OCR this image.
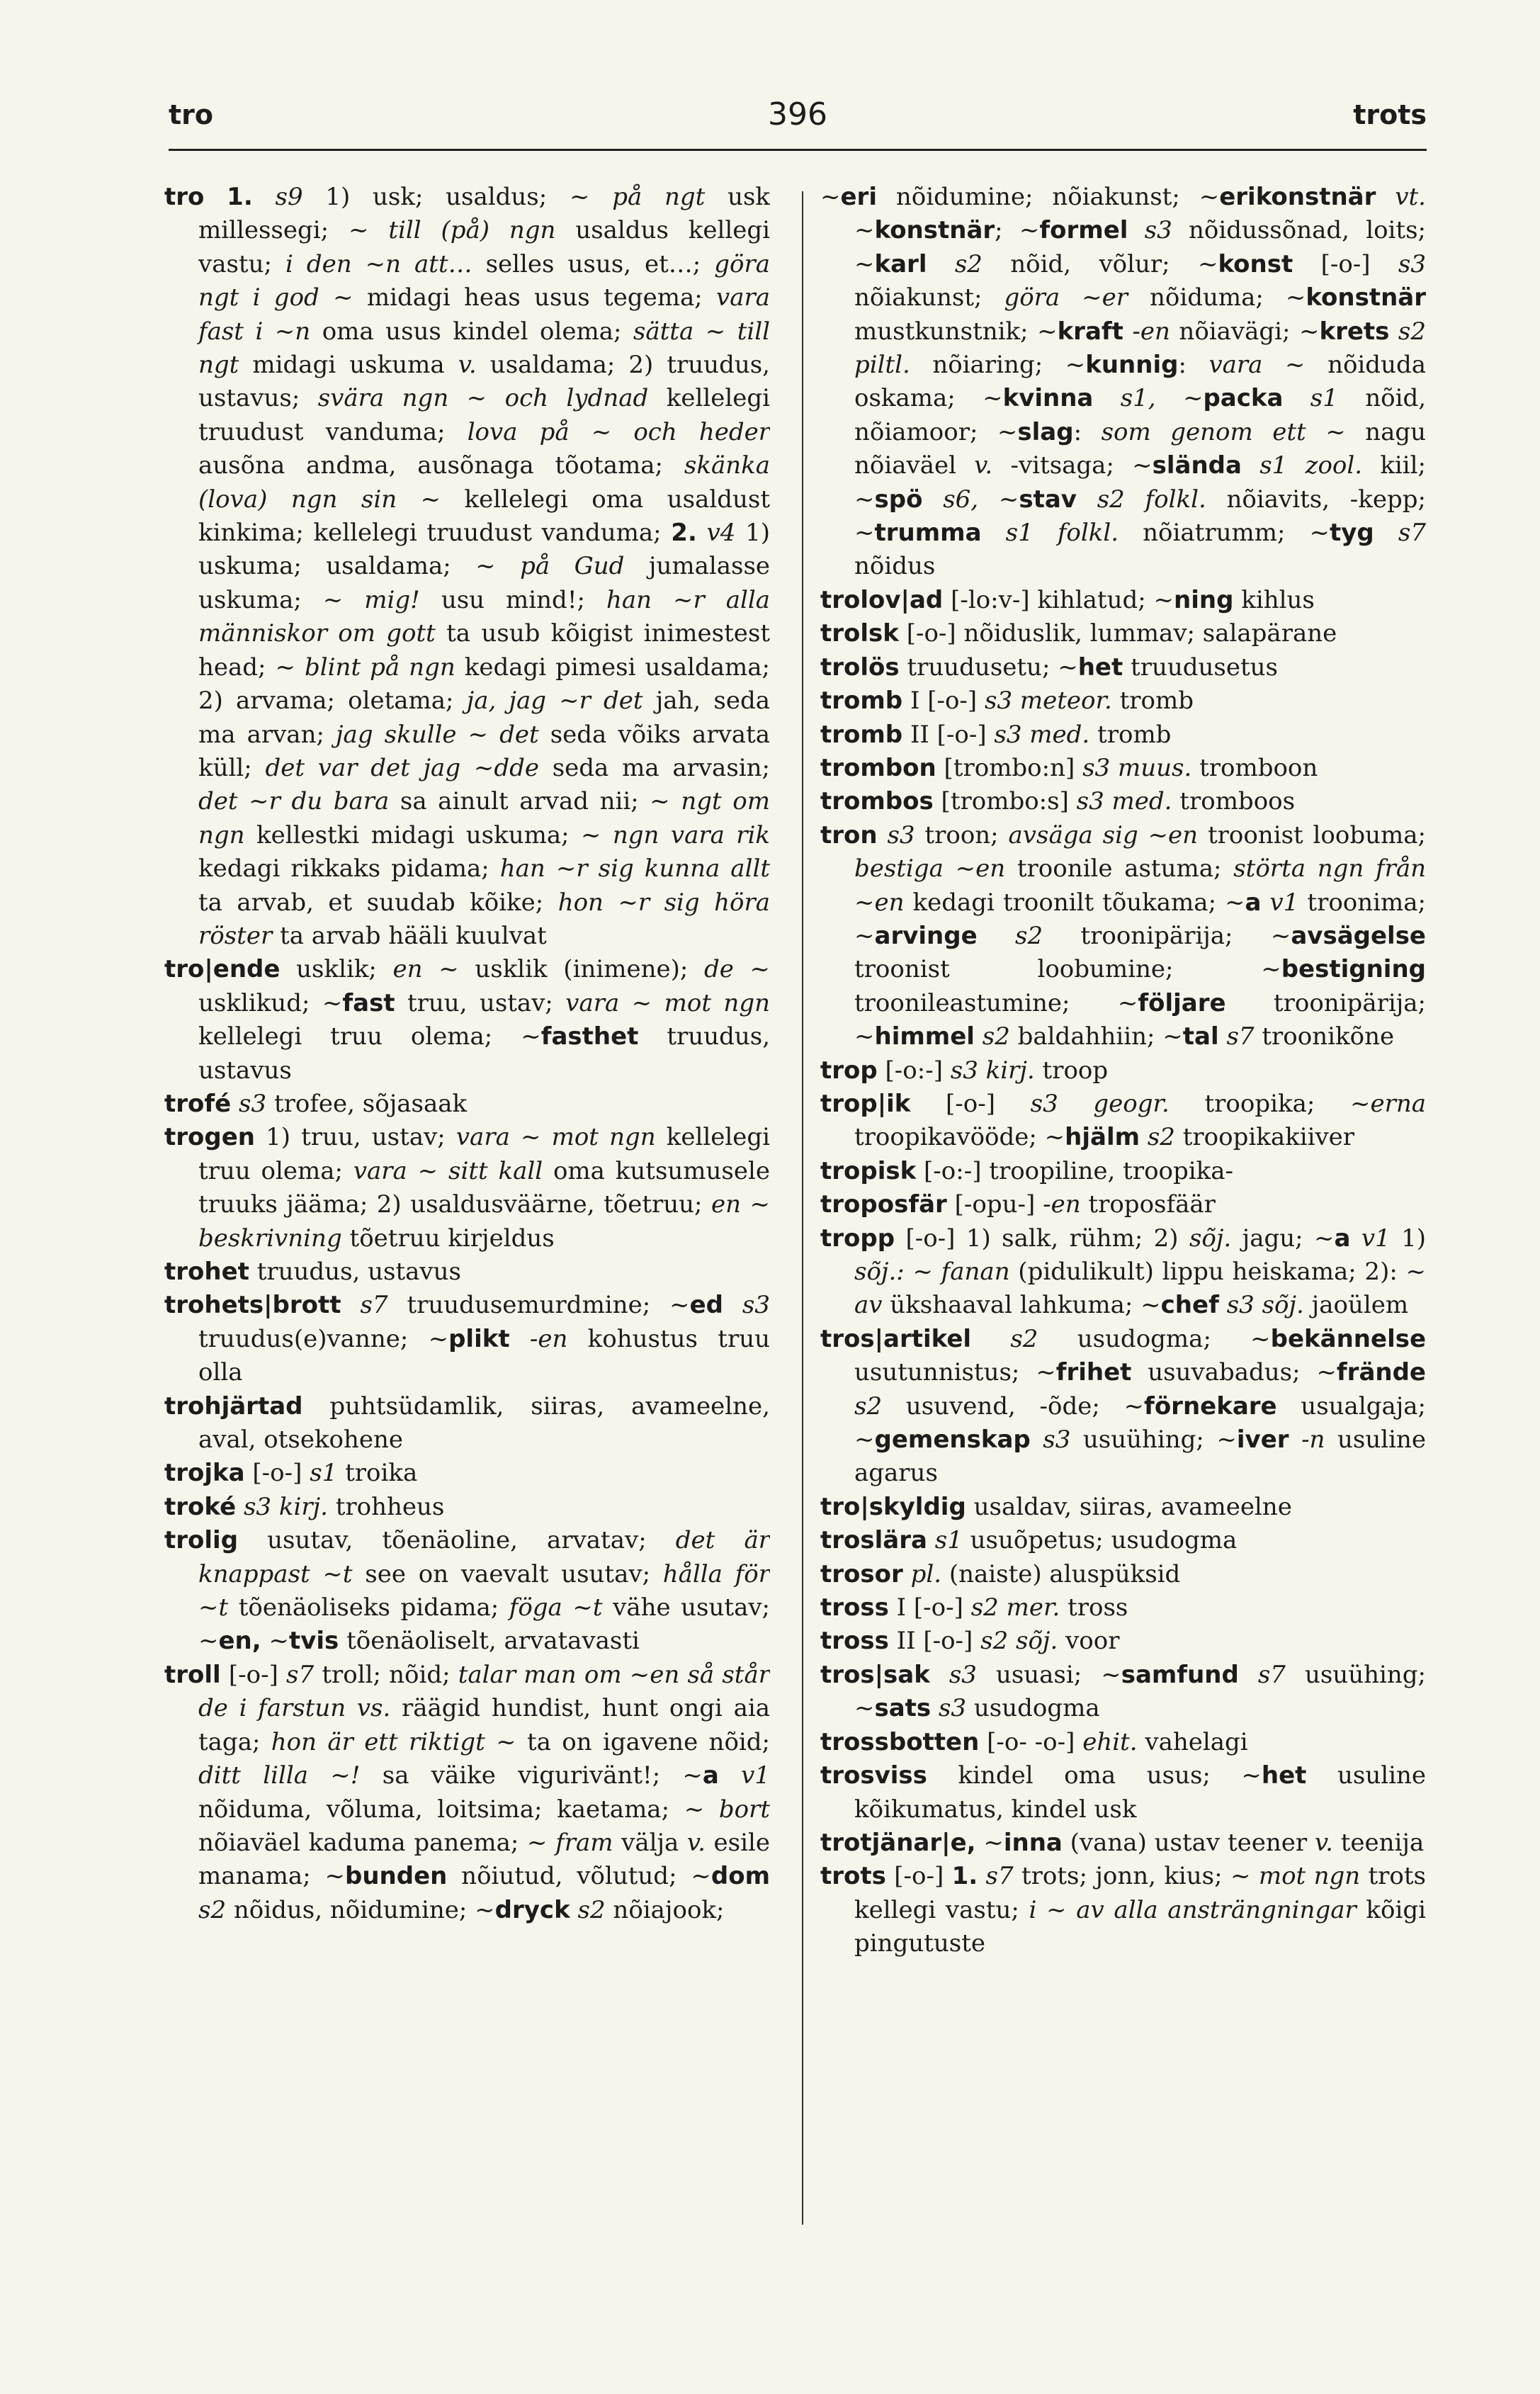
tro	396	trots

tro 1. s9 1) usk; usaldus; ~ på ngt usk millessegi; ~ till (på) ngn usaldus kellegi vastu; i den ~n att… selles usus, et…; göra ngt i god ~ midagi heas usus tegema; vara fast i ~n oma usus kindel olema; sätta ~ till ngt midagi uskuma v. usaldama; 2) truudus, ustavus; svära ngn ~ och lydnad kellelegi truudust vanduma; lova på ~ och heder ausõna andma, ausõnaga tõotama; skänka (lova) ngn sin ~ kellelegi oma usaldust kinkima; kellelegi truudust vanduma; 2. v4 1) uskuma; usaldama; ~ på Gud jumalasse uskuma; ~ mig! usu mind!; han ~r alla människor om gott ta usub kõigist inimestest head; ~ blint på ngn kedagi pimesi usaldama; 2) arvama; oletama; ja, jag ~r det jah, seda ma arvan; jag skulle ~ det seda võiks arvata küll; det var det jag ~dde seda ma arvasin; det ~r du bara sa ainult arvad nii; ~ ngt om ngn kellestki midagi uskuma; ~ ngn vara rik kedagi rikkaks pidama; han ~r sig kunna allt ta arvab, et suudab kõike; hon ~r sig höra röster ta arvab hääli kuulvat

tro|ende usklik; en ~ usklik (inimene); de ~ usklikud; ~fast truu, ustav; vara ~ mot ngn kellelegi truu olema; ~fasthet truudus, ustavus

trofé s3 trofee, sõjasaak

trogen 1) truu, ustav; vara ~ mot ngn kellelegi truu olema; vara ~ sitt kall oma kutsumusele truuks jääma; 2) usaldusväärne, tõetruu; en ~ beskrivning tõetruu kirjeldus

trohet truudus, ustavus

trohets|brott s7 truudusemurdmine; ~ed s3 truudus(e)vanne; ~plikt -en kohustus truu olla

trohjärtad puhtsüdamlik, siiras, avameelne, aval, otsekohene

trojka [-o-] s1 troika

troké s3 kirj. trohheus

trolig usutav, tõenäoline, arvatav; det är knappast ~t see on vaevalt usutav; hålla för ~t tõenäoliseks pidama; föga ~t vähe usutav; ~en, ~tvis tõenäoliselt, arvatavasti

troll [-o-] s7 troll; nõid; talar man om ~en så står de i farstun vs. räägid hundist, hunt ongi aia taga; hon är ett riktigt ~ ta on igavene nõid; ditt lilla ~! sa väike vigurivänt!; ~a v1 nõiduma, võluma, loitsima; kaetama; ~ bort nõiaväel kaduma panema; ~ fram välja v. esile manama; ~bunden nõiutud, võlutud; ~dom s2 nõidus, nõidumine; ~dryck s2 nõiajook;

~eri nõidumine; nõiakunst; ~erikonstnär vt. ~konstnär; ~formel s3 nõidussõnad, loits; ~karl s2 nõid, võlur; ~konst [-o-] s3 nõiakunst; göra ~er nõiduma; ~konstnär mustkunstnik; ~kraft -en nõiavägi; ~krets s2 piltl. nõiaring; ~kunnig: vara ~ nõiduda oskama; ~kvinna s1, ~packa s1 nõid, nõiamoor; ~slag: som genom ett ~ nagu nõiaväel v. -vitsaga; ~slända s1 zool. kiil; ~spö s6, ~stav s2 folkl. nõiavits, -kepp; ~trumma s1 folkl. nõiatrumm; ~tyg s7 nõidus

trolov|ad [-lo:v-] kihlatud; ~ning kihlus

trolsk [-o-] nõiduslik, lummav; salapärane

trolös truudusetu; ~het truudusetus

tromb I [-o-] s3 meteor. tromb

tromb II [-o-] s3 med. tromb

trombon [trombo:n] s3 muus. tromboon

trombos [trombo:s] s3 med. tromboos

tron s3 troon; avsäga sig ~en troonist loobuma; bestiga ~en troonile astuma; störta ngn från ~en kedagi troonilt tõukama; ~a v1 troonima; ~arvinge s2 troonipärija; ~avsägelse troonist loobumine; ~bestigning troonileastumine; ~följare troonipärija; ~himmel s2 baldahhiin; ~tal s7 troonikõne

trop [-o:-] s3 kirj. troop

trop|ik [-o-] s3 geogr. troopika; ~erna troopikavööde; ~hjälm s2 troopikakiiver

tropisk [-o:-] troopiline, troopika-

troposfär [-opu-] -en troposfäär

tropp [-o-] 1) salk, rühm; 2) sõj. jagu; ~a v1 1) sõj.: ~ fanan (pidulikult) lippu heiskama; 2): ~ av ükshaaval lahkuma; ~chef s3 sõj. jaoülem

tros|artikel s2 usudogma; ~bekännelse usutunnistus; ~frihet usuvabadus; ~frände s2 usuvend, -õde; ~förnekare usualgaja; ~gemenskap s3 usuühing; ~iver -n usuline agarus

tro|skyldig usaldav, siiras, avameelne

troslära s1 usuõpetus; usudogma

trosor pl. (naiste) aluspüksid

tross I [-o-] s2 mer. tross

tross II [-o-] s2 sõj. voor

tros|sak s3 usuasi; ~samfund s7 usuühing; ~sats s3 usudogma

trossbotten [-o- -o-] ehit. vahelagi

trosviss kindel oma usus; ~het usuline kõikumatus, kindel usk

trotjänar|e, ~inna (vana) ustav teener v. teenija

trots [-o-] 1. s7 trots; jonn, kius; ~ mot ngn trots kellegi vastu; i ~ av alla ansträngningar kõigi pingutuste
